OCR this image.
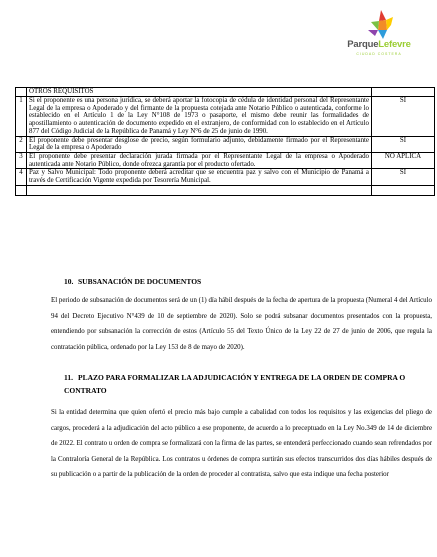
ParqueLefevre
CIUDAD COSTERA
	OTROS REQUISITOS	
1	Si el proponente es una persona jurídica, se deberá aportar la fotocopia de cédula de identidad personal del Representante Legal de la empresa o Apoderado y del firmante de la propuesta cotejada ante Notario Público o autenticada, conforme lo establecido en el Artículo 1 de la Ley N°108 de 1973 o pasaporte, el mismo debe reunir las formalidades de apostillamiento o autenticación de documento expedido en el extranjero, de conformidad con lo establecido en el Artículo 877 del Código Judicial de la República de Panamá y Ley N°6 de 25 de junio de 1990.	SI
2	El proponente debe presentar desglose de precio, según formulario adjunto, debidamente firmado por el Representante Legal de la empresa o Apoderado	SI
3	El proponente debe presentar declaración jurada firmada por el Representante Legal de la empresa o Apoderado autenticada ante Notario Público, donde ofrezca garantía por el producto ofertado.	NO APLICA
4	Paz y Salvo Municipal: Todo proponente deberá acreditar que se encuentra paz y salvo con el Municipio de Panamá a través de Certificación Vigente expedida por Tesorería Municipal.	SI

10. SUBSANACIÓN DE DOCUMENTOS
El periodo de subsanación de documentos será de un (1) día hábil después de la fecha de apertura de la propuesta (Numeral 4 del Artículo 94 del Decreto Ejecutivo N°439 de 10 de septiembre de 2020). Solo se podrá subsanar documentos presentados con la propuesta, entendiendo por subsanación la corrección de estos (Artículo 55 del Texto Único de la Ley 22 de 27 de junio de 2006, que regula la contratación pública, ordenado por la Ley 153 de 8 de mayo de 2020).
11. PLAZO PARA FORMALIZAR LA ADJUDICACIÓN Y ENTREGA DE LA ORDEN DE COMPRA O CONTRATO
Si la entidad determina que quien ofertó el precio más bajo cumple a cabalidad con todos los requisitos y las exigencias del pliego de cargos, procederá a la adjudicación del acto público a ese proponente, de acuerdo a lo preceptuado en la Ley No.349 de 14 de diciembre de 2022. El contrato u orden de compra se formalizará con la firma de las partes, se entenderá perfeccionado cuando sean refrendados por la Contraloría General de la República. Los contratos u órdenes de compra surtirán sus efectos transcurridos dos días hábiles después de su publicación o a partir de la publicación de la orden de proceder al contratista, salvo que esta indique una fecha posterior
